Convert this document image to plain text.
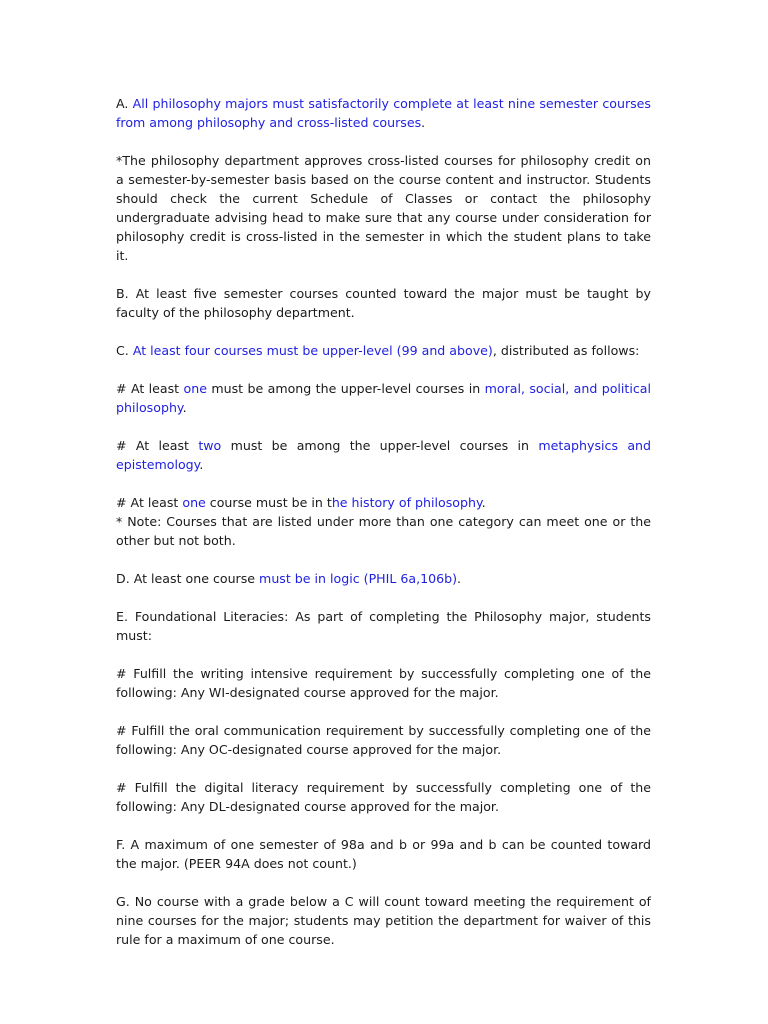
A. All philosophy majors must satisfactorily complete at least nine semester courses from among philosophy and cross-listed courses.

*The philosophy department approves cross-listed courses for philosophy credit on a semester-by-semester basis based on the course content and instructor. Students should check the current Schedule of Classes or contact the philosophy undergraduate advising head to make sure that any course under consideration for philosophy credit is cross-listed in the semester in which the student plans to take it.

B. At least five semester courses counted toward the major must be taught by faculty of the philosophy department.

C. At least four courses must be upper-level (99 and above), distributed as follows:

# At least one must be among the upper-level courses in moral, social, and political philosophy.

# At least two must be among the upper-level courses in metaphysics and epistemology.

# At least one course must be in the history of philosophy.

* Note: Courses that are listed under more than one category can meet one or the other but not both.

D. At least one course must be in logic (PHIL 6a,106b).

E. Foundational Literacies: As part of completing the Philosophy major, students must:

# Fulfill the writing intensive requirement by successfully completing one of the following: Any WI-designated course approved for the major.

# Fulfill the oral communication requirement by successfully completing one of the following: Any OC-designated course approved for the major.

# Fulfill the digital literacy requirement by successfully completing one of the following: Any DL-designated course approved for the major.

F. A maximum of one semester of 98a and b or 99a and b can be counted toward the major. (PEER 94A does not count.)

G. No course with a grade below a C will count toward meeting the requirement of nine courses for the major; students may petition the department for waiver of this rule for a maximum of one course.
